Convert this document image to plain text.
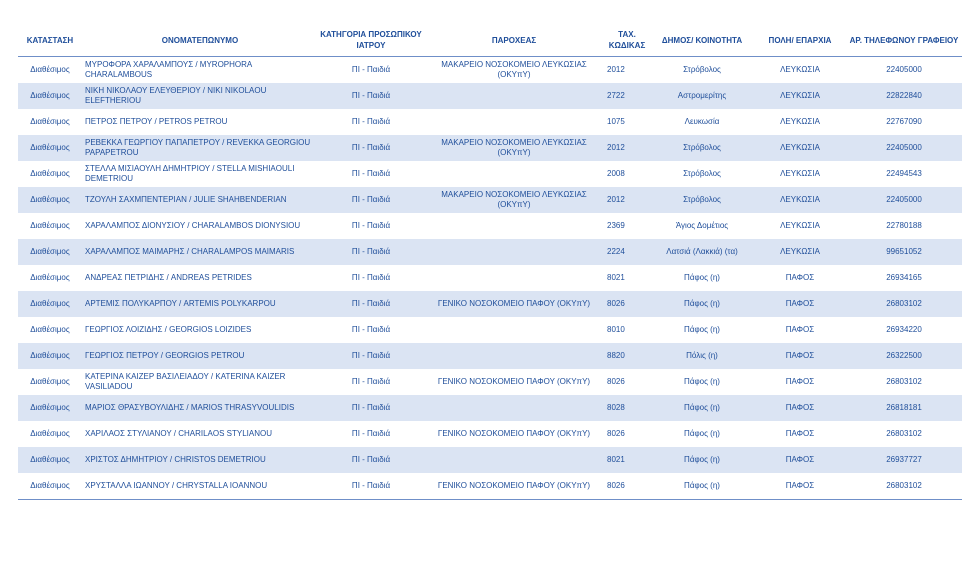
ΚΑΤΑΣΤΑΣΗ	ΟΝΟΜΑΤΕΠΩΝΥΜΟ	ΚΑΤΗΓΟΡΙΑ ΠΡΟΣΩΠΙΚΟΥ ΙΑΤΡΟΥ	ΠΑΡΟΧΕΑΣ	ΤΑΧ. ΚΩΔΙΚΑΣ	ΔΗΜΟΣ/ ΚΟΙΝΟΤΗΤΑ	ΠΟΛΗ/ ΕΠΑΡΧΙΑ	ΑΡ. ΤΗΛΕΦΩΝΟΥ ΓΡΑΦΕΙΟΥ
Διαθέσιμος	ΜΥΡΟΦΟΡΑ ΧΑΡΑΛΑΜΠΟΥΣ / MYROPHORA CHARALAMBOUS	ΠΙ - Παιδιά	ΜΑΚΑΡΕΙΟ ΝΟΣΟΚΟΜΕΙΟ ΛΕΥΚΩΣΙΑΣ (ΟΚΥπΥ)	2012	Στρόβολος	ΛΕΥΚΩΣΙΑ	22405000
Διαθέσιμος	ΝΙΚΗ ΝΙΚΟΛΑΟΥ ΕΛΕΥΘΕΡΙΟΥ / NIKI NIKOLAOU ELEFTHERIOU	ΠΙ - Παιδιά		2722	Αστρομερίτης	ΛΕΥΚΩΣΙΑ	22822840
Διαθέσιμος	ΠΕΤΡΟΣ ΠΕΤΡΟΥ / PETROS PETROU	ΠΙ - Παιδιά		1075	Λευκωσία	ΛΕΥΚΩΣΙΑ	22767090
Διαθέσιμος	ΡΕΒΕΚΚΑ ΓΕΩΡΓΙΟΥ ΠΑΠΑΠΕΤΡΟΥ / REVEKKA GEORGIOU PAPAPETROU	ΠΙ - Παιδιά	ΜΑΚΑΡΕΙΟ ΝΟΣΟΚΟΜΕΙΟ ΛΕΥΚΩΣΙΑΣ (ΟΚΥπΥ)	2012	Στρόβολος	ΛΕΥΚΩΣΙΑ	22405000
Διαθέσιμος	ΣΤΕΛΛΑ ΜΙΣΙΑΟΥΛΗ ΔΗΜΗΤΡΙΟΥ / STELLA MISHIAOULI DEMETRIOU	ΠΙ - Παιδιά		2008	Στρόβολος	ΛΕΥΚΩΣΙΑ	22494543
Διαθέσιμος	ΤΖΟΥΛΗ ΣΑΧΜΠΕΝΤΕΡΙΑΝ / JULIE SHAHBENDERIAN	ΠΙ - Παιδιά	ΜΑΚΑΡΕΙΟ ΝΟΣΟΚΟΜΕΙΟ ΛΕΥΚΩΣΙΑΣ (ΟΚΥπΥ)	2012	Στρόβολος	ΛΕΥΚΩΣΙΑ	22405000
Διαθέσιμος	ΧΑΡΑΛΑΜΠΟΣ ΔΙΟΝΥΣΙΟΥ / CHARALAMBOS DIONYSIOU	ΠΙ - Παιδιά		2369	Άγιος Δομέτιος	ΛΕΥΚΩΣΙΑ	22780188
Διαθέσιμος	ΧΑΡΑΛΑΜΠΟΣ ΜΑΙΜΑΡΗΣ / CHARALAMPOS MAIMARIS	ΠΙ - Παιδιά		2224	Λατσιά (Λακκιά) (τα)	ΛΕΥΚΩΣΙΑ	99651052
Διαθέσιμος	ΑΝΔΡΕΑΣ ΠΕΤΡΙΔΗΣ / ANDREAS PETRIDES	ΠΙ - Παιδιά		8021	Πάφος (η)	ΠΑΦΟΣ	26934165
Διαθέσιμος	ΑΡΤΕΜΙΣ ΠΟΛΥΚΑΡΠΟΥ / ARTEMIS POLYKARPOU	ΠΙ - Παιδιά	ΓΕΝΙΚΟ ΝΟΣΟΚΟΜΕΙΟ ΠΑΦΟΥ (ΟΚΥπΥ)	8026	Πάφος (η)	ΠΑΦΟΣ	26803102
Διαθέσιμος	ΓΕΩΡΓΙΟΣ ΛΟΙΖΙΔΗΣ / GEORGIOS LOIZIDES	ΠΙ - Παιδιά		8010	Πάφος (η)	ΠΑΦΟΣ	26934220
Διαθέσιμος	ΓΕΩΡΓΙΟΣ ΠΕΤΡΟΥ / GEORGIOS PETROU	ΠΙ - Παιδιά		8820	Πόλις (η)	ΠΑΦΟΣ	26322500
Διαθέσιμος	ΚΑΤΕΡΙΝΑ ΚΑΙΖΕΡ ΒΑΣΙΛΕΙΑΔΟΥ / KATERINA KAIZER VASILIADOU	ΠΙ - Παιδιά	ΓΕΝΙΚΟ ΝΟΣΟΚΟΜΕΙΟ ΠΑΦΟΥ (ΟΚΥπΥ)	8026	Πάφος (η)	ΠΑΦΟΣ	26803102
Διαθέσιμος	ΜΑΡΙΟΣ ΘΡΑΣΥΒΟΥΛΙΔΗΣ / MARIOS THRASYVOULIDIS	ΠΙ - Παιδιά		8028	Πάφος (η)	ΠΑΦΟΣ	26818181
Διαθέσιμος	ΧΑΡΙΛΑΟΣ ΣΤΥΛΙΑΝΟΥ / CHARILAOS STYLIANOU	ΠΙ - Παιδιά	ΓΕΝΙΚΟ ΝΟΣΟΚΟΜΕΙΟ ΠΑΦΟΥ (ΟΚΥπΥ)	8026	Πάφος (η)	ΠΑΦΟΣ	26803102
Διαθέσιμος	ΧΡΙΣΤΟΣ ΔΗΜΗΤΡΙΟΥ / CHRISTOS DEMETRIOU	ΠΙ - Παιδιά		8021	Πάφος (η)	ΠΑΦΟΣ	26937727
Διαθέσιμος	ΧΡΥΣΤΑΛΛΑ ΙΩΑΝΝΟΥ / CHRYSTALLA IOANNOU	ΠΙ - Παιδιά	ΓΕΝΙΚΟ ΝΟΣΟΚΟΜΕΙΟ ΠΑΦΟΥ (ΟΚΥπΥ)	8026	Πάφος (η)	ΠΑΦΟΣ	26803102
